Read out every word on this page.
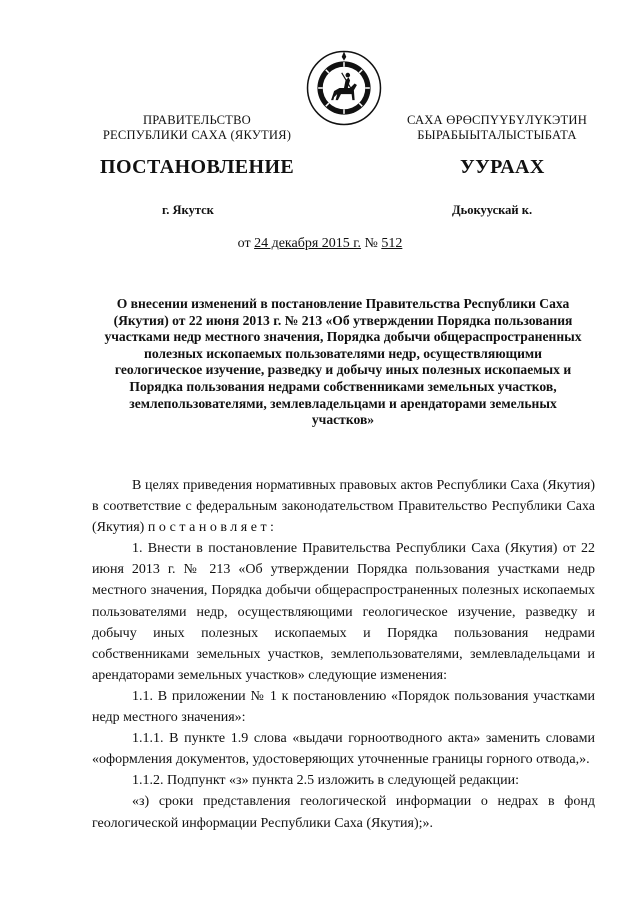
ПРАВИТЕЛЬСТВО
РЕСПУБЛИКИ САХА (ЯКУТИЯ)
САХА ӨРӨСПҮҮБҮЛҮКЭТИН
БЫРАБЫЫТАЛЫСТЫБАТА
ПОСТАНОВЛЕНИЕ	УУРААХ
г. Якутск	Дьокуускай к.
от 24 декабря 2015 г. № 512
О внесении изменений в постановление Правительства Республики Саха (Якутия) от 22 июня 2013 г. № 213 «Об утверждении Порядка пользования участками недр местного значения, Порядка добычи общераспространенных полезных ископаемых пользователями недр, осуществляющими геологическое изучение, разведку и добычу иных полезных ископаемых и Порядка пользования недрами собственниками земельных участков, землепользователями, землевладельцами и арендаторами земельных участков»

В целях приведения нормативных правовых актов Республики Саха (Якутия) в соответствие с федеральным законодательством Правительство Республики Саха (Якутия) постановляет:

1. Внести в постановление Правительства Республики Саха (Якутия) от 22 июня 2013 г. № 213 «Об утверждении Порядка пользования участками недр местного значения, Порядка добычи общераспространенных полезных ископаемых пользователями недр, осуществляющими геологическое изучение, разведку и добычу иных полезных ископаемых и Порядка пользования недрами собственниками земельных участков, землепользователями, землевладельцами и арендаторами земельных участков» следующие изменения:

1.1. В приложении № 1 к постановлению «Порядок пользования участками недр местного значения»:

1.1.1. В пункте 1.9 слова «выдачи горноотводного акта» заменить словами «оформления документов, удостоверяющих уточненные границы горного отвода,».

1.1.2. Подпункт «з» пункта 2.5 изложить в следующей редакции:

«з) сроки представления геологической информации о недрах в фонд геологической информации Республики Саха (Якутия);».
